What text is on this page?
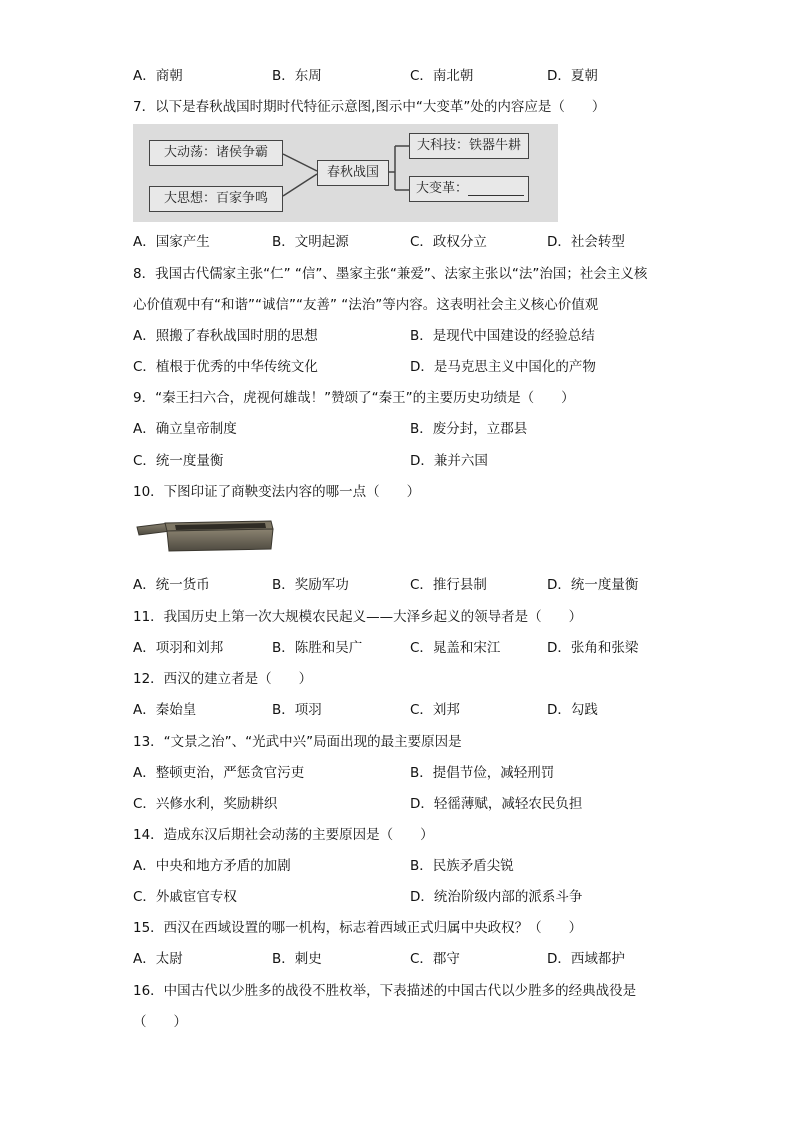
A．商朝	B．东周	C．南北朝	D．夏朝
7．以下是春秋战国时期时代特征示意图,图示中“大变革”处的内容应是（　　）
大动荡：诸侯争霸
大思想：百家争鸣
春秋战国
大科技：铁器牛耕
大变革：
A．国家产生	B．文明起源	C．政权分立	D．社会转型
8．我国古代儒家主张“仁” “信”、墨家主张“兼爱”、法家主张以“法”治国；社会主义核
心价值观中有“和谐”“诚信”“友善” “法治”等内容。这表明社会主义核心价值观
A．照搬了春秋战国时朋的思想	B．是现代中国建设的经验总结
C．植根于优秀的中华传统文化	D．是马克思主义中国化的产物
9．“秦王扫六合，虎视何雄哉！”赞颂了“秦王”的主要历史功绩是（　　）
A．确立皇帝制度	B．废分封，立郡县
C．统一度量衡	D．兼并六国
10．下图印证了商鞅变法内容的哪一点（　　）
A．统一货币	B．奖励军功	C．推行县制	D．统一度量衡
11．我国历史上第一次大规模农民起义——大泽乡起义的领导者是（　　）
A．项羽和刘邦	B．陈胜和吴广	C．晁盖和宋江	D．张角和张梁
12．西汉的建立者是（　　）
A．秦始皇	B．项羽	C．刘邦	D．勾践
13．“文景之治”、“光武中兴”局面出现的最主要原因是
A．整顿吏治，严惩贪官污吏	B．提倡节俭，减轻刑罚
C．兴修水利，奖励耕织	D．轻徭薄赋，减轻农民负担
14．造成东汉后期社会动荡的主要原因是（　　）
A．中央和地方矛盾的加剧	B．民族矛盾尖锐
C．外戚宦官专权	D．统治阶级内部的派系斗争
15．西汉在西域设置的哪一机构，标志着西域正式归属中央政权？（　　）
A．太尉	B．刺史	C．郡守	D．西域都护
16．中国古代以少胜多的战役不胜枚举，下表描述的中国古代以少胜多的经典战役是
（　　）
